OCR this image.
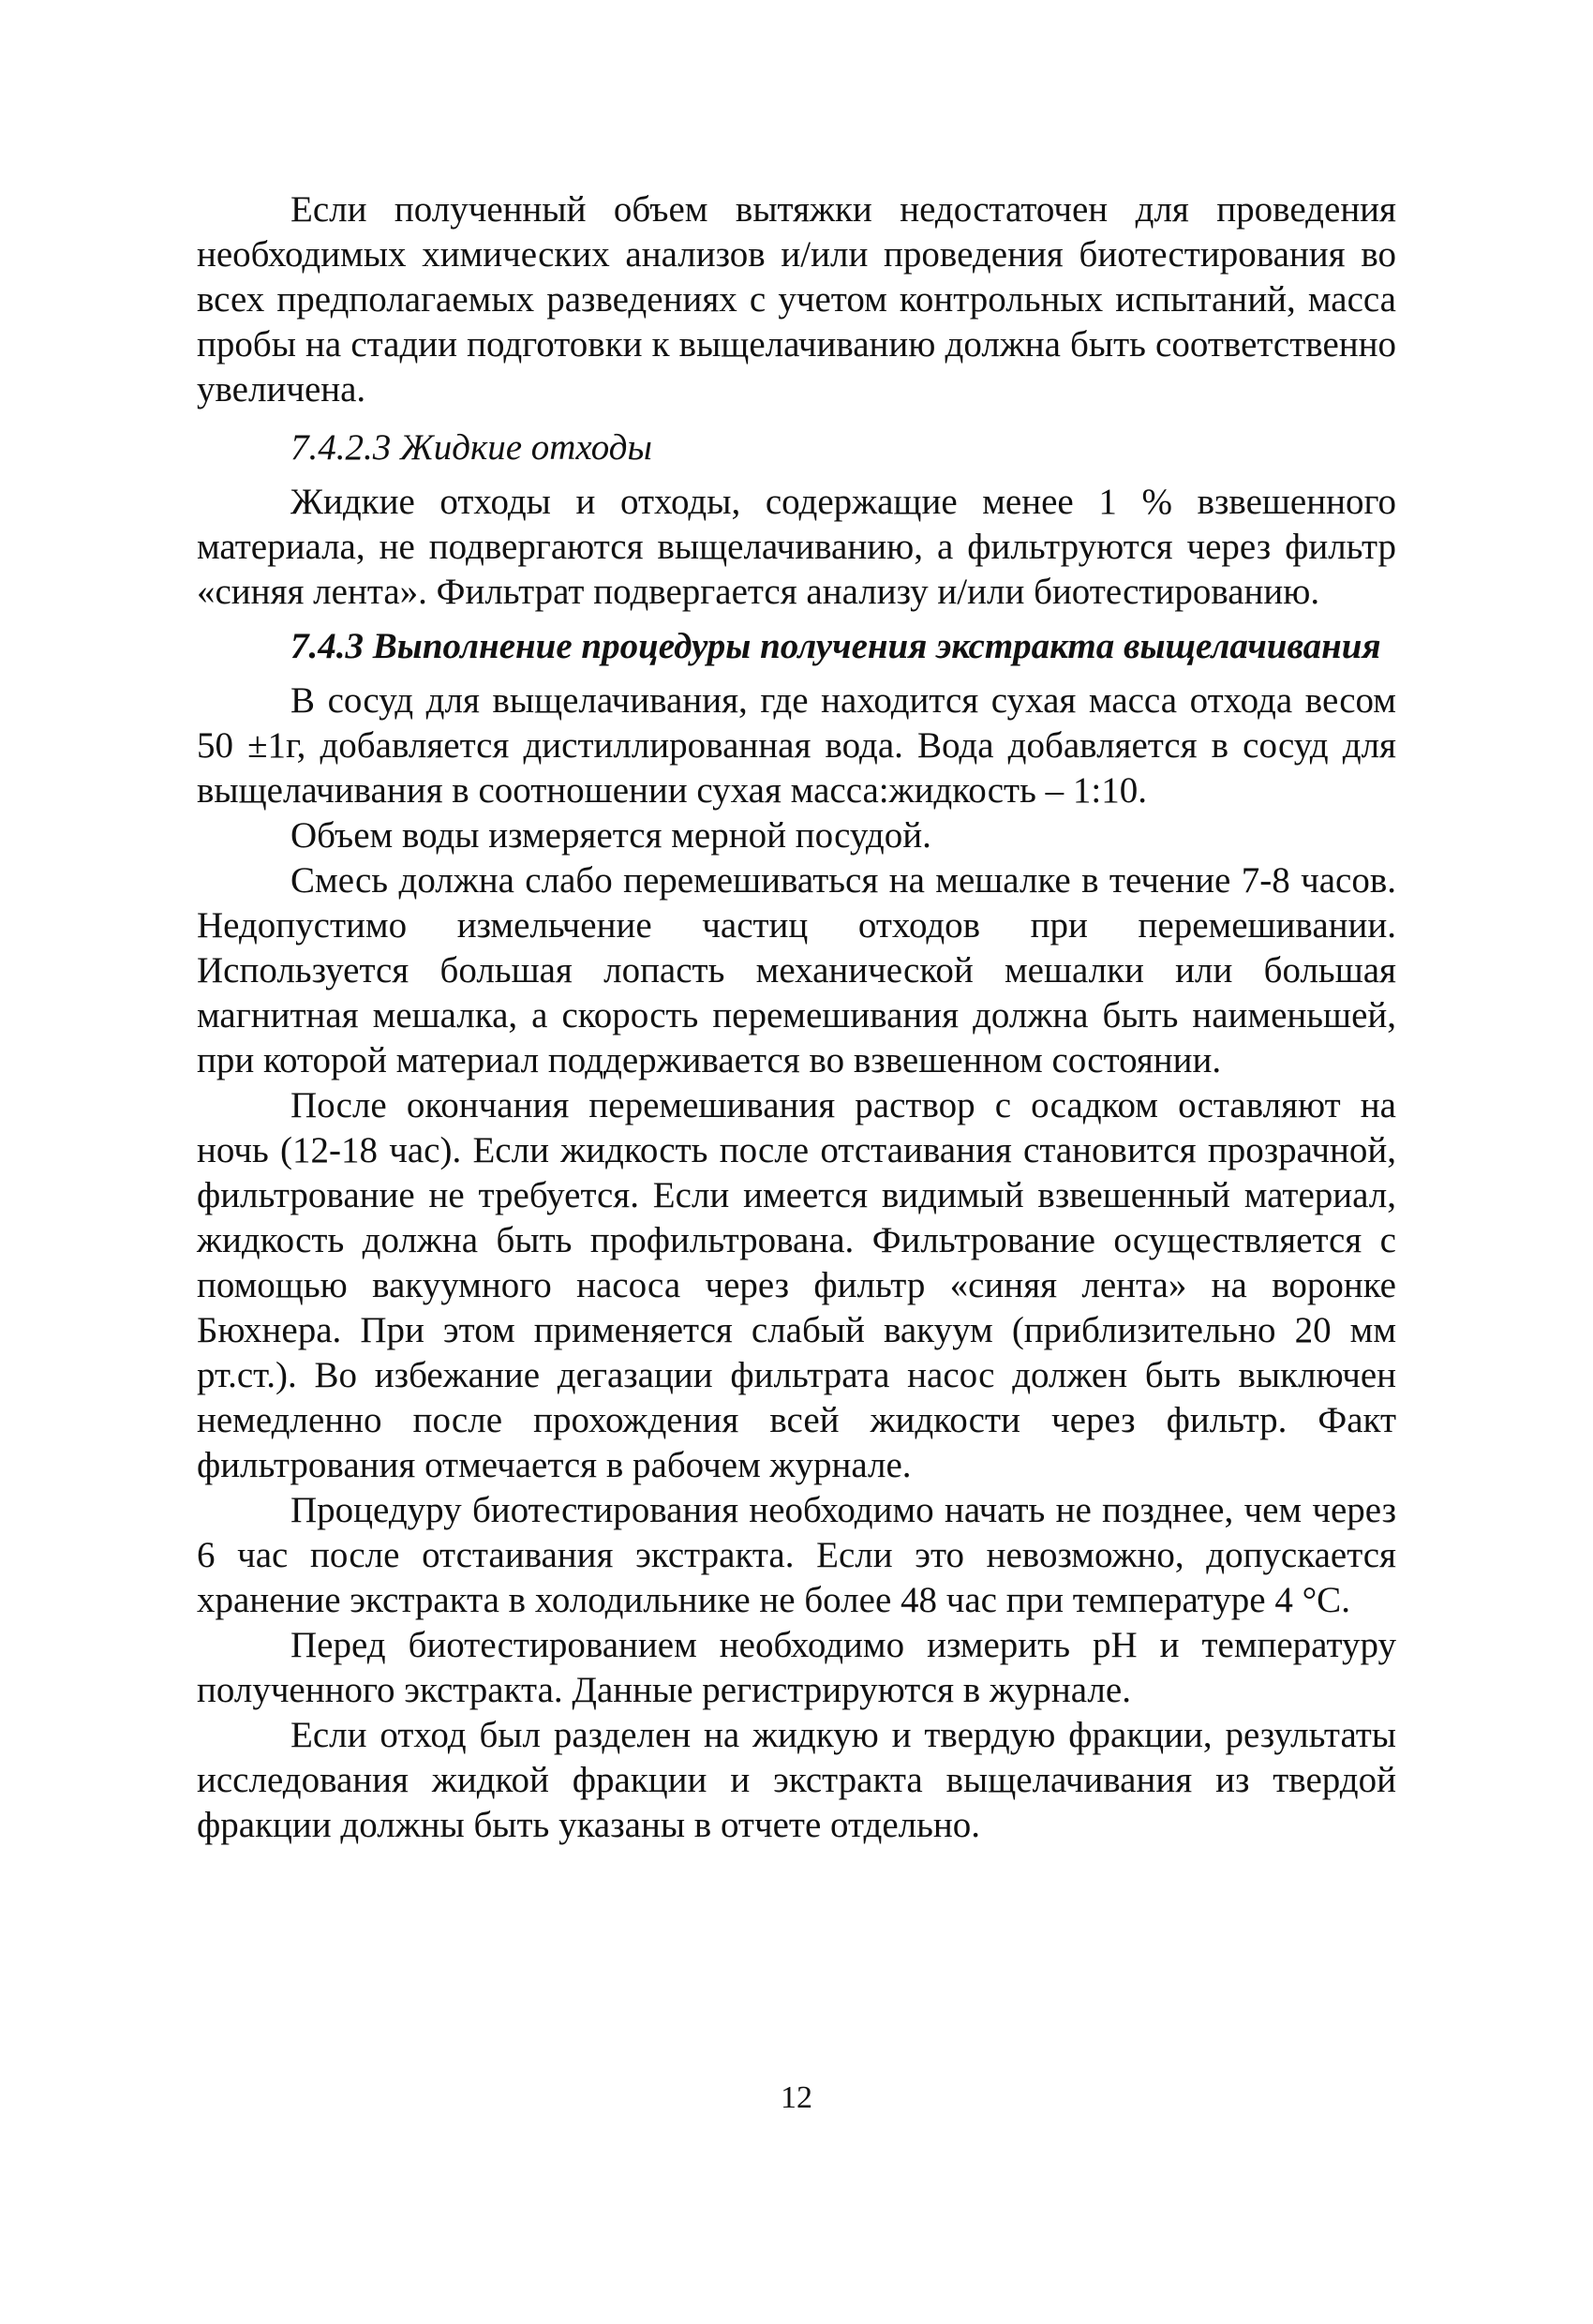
Если полученный объем вытяжки недостаточен для проведения необходимых химических анализов и/или проведения биотестирования во всех предполагаемых разведениях с учетом контрольных испытаний, масса пробы на стадии подготовки к выщелачиванию должна быть соответственно увеличена.

7.4.2.3 Жидкие отходы

Жидкие отходы и отходы, содержащие менее 1 % взвешенного материала, не подвергаются выщелачиванию, а фильтруются через фильтр «синяя лента». Фильтрат подвергается анализу и/или биотестированию.

7.4.3 Выполнение процедуры получения экстракта выщелачивания

В сосуд для выщелачивания, где находится сухая масса отхода весом 50 ±1г, добавляется дистиллированная вода. Вода добавляется в сосуд для выщелачивания в соотношении сухая масса:жидкость – 1:10.

Объем воды измеряется мерной посудой.

Смесь должна слабо перемешиваться на мешалке в течение 7-8 часов. Недопустимо измельчение частиц отходов при перемешивании. Используется большая лопасть механической мешалки или большая магнитная мешалка, а скорость перемешивания должна быть наименьшей, при которой материал поддерживается во взвешенном состоянии.

После окончания перемешивания раствор с осадком оставляют на ночь (12-18 час). Если жидкость после отстаивания становится прозрачной, фильтрование не требуется. Если имеется видимый взвешенный материал, жидкость должна быть профильтрована. Фильтрование осуществляется с помощью вакуумного насоса через фильтр «синяя лента» на воронке Бюхнера. При этом применяется слабый вакуум (приблизительно 20 мм рт.ст.). Во избежание дегазации фильтрата насос должен быть выключен немедленно после прохождения всей жидкости через фильтр. Факт фильтрования отмечается в рабочем журнале.

Процедуру биотестирования необходимо начать не позднее, чем через 6 час после отстаивания экстракта. Если это невозможно, допускается хранение экстракта в холодильнике не более 48 час при температуре 4 °С.

Перед биотестированием необходимо измерить pH и температуру полученного экстракта. Данные регистрируются в журнале.

Если отход был разделен на жидкую и твердую фракции, результаты исследования жидкой фракции и экстракта выщелачивания из твердой фракции должны быть указаны в отчете отдельно.

12
